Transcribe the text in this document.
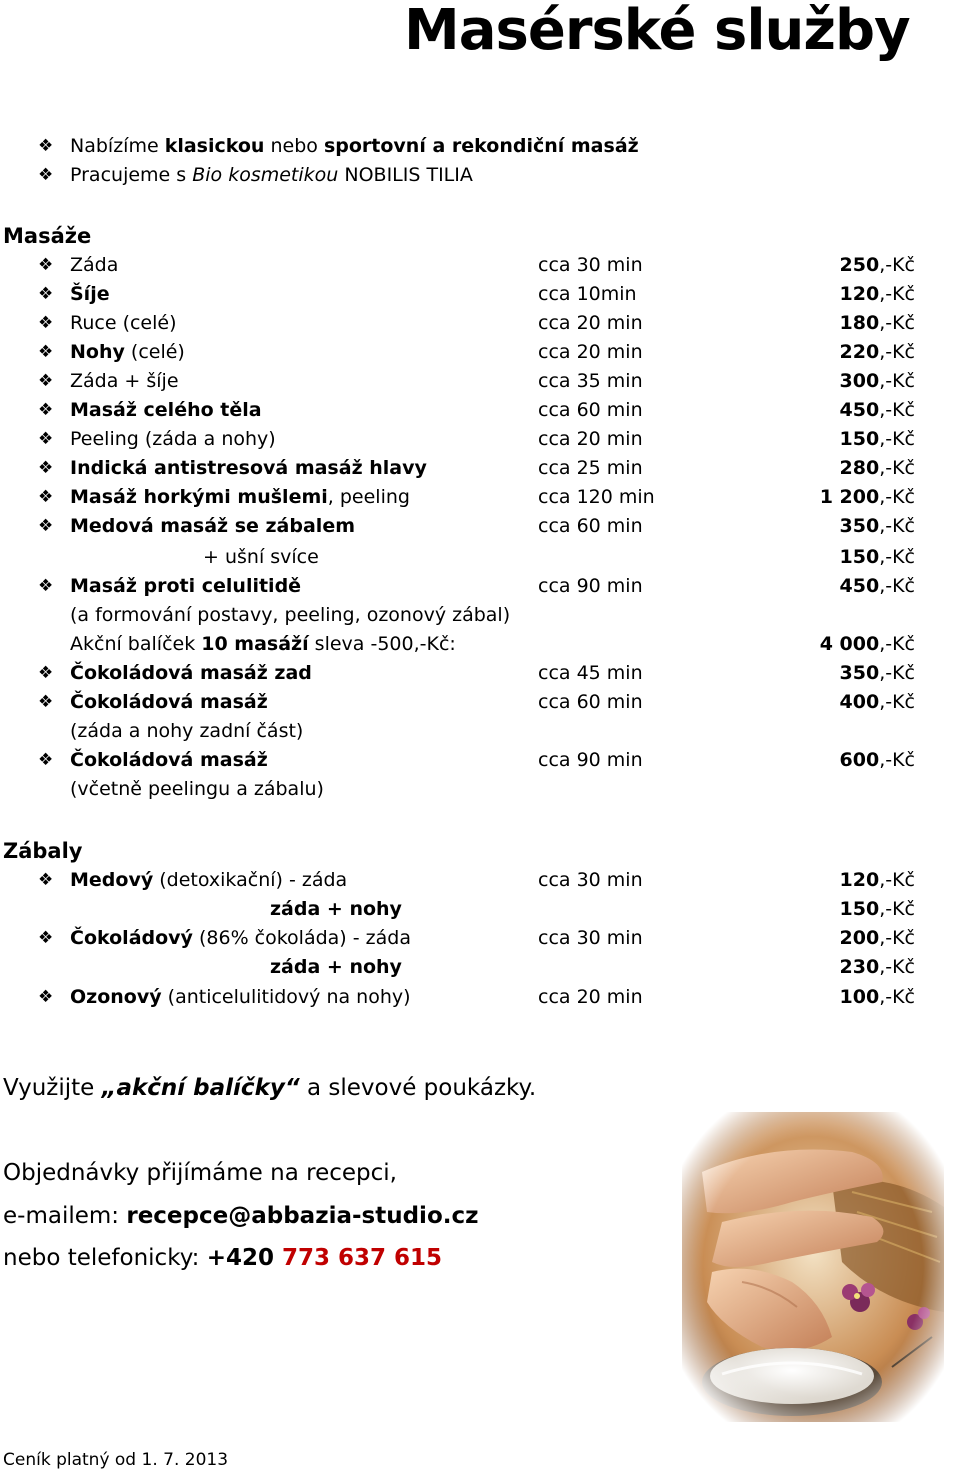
Masérské služby
❖ Nabízíme klasickou nebo sportovní a rekondiční masáž
❖ Pracujeme s Bio kosmetikou NOBILIS TILIA
Masáže
❖ Záda	cca 30 min	250,-Kč
❖ Šíje	cca 10min	120,-Kč
❖ Ruce (celé)	cca 20 min	180,-Kč
❖ Nohy (celé)	cca 20 min	220,-Kč
❖ Záda + šíje	cca 35 min	300,-Kč
❖ Masáž celého těla	cca 60 min	450,-Kč
❖ Peeling (záda a nohy)	cca 20 min	150,-Kč
❖ Indická antistresová masáž hlavy	cca 25 min	280,-Kč
❖ Masáž horkými mušlemi, peeling	cca 120 min	1 200,-Kč
❖ Medová masáž se zábalem	cca 60 min	350,-Kč
+ ušní svíce	150,-Kč
❖ Masáž proti celulitidě	cca 90 min	450,-Kč
(a formování postavy, peeling, ozonový zábal)
Akční balíček 10 masáží sleva -500,-Kč:	4 000,-Kč
❖ Čokoládová masáž zad	cca 45 min	350,-Kč
❖ Čokoládová masáž	cca 60 min	400,-Kč
(záda a nohy zadní část)
❖ Čokoládová masáž	cca 90 min	600,-Kč
(včetně peelingu a zábalu)
Zábaly
❖ Medový (detoxikační) - záda	cca 30 min	120,-Kč
záda + nohy	150,-Kč
❖ Čokoládový (86% čokoláda) - záda	cca 30 min	200,-Kč
záda + nohy	230,-Kč
❖ Ozonový (anticelulitidový na nohy)	cca 20 min	100,-Kč
Využijte „akční balíčky“ a slevové poukázky.
Objednávky přijímáme na recepci,
e-mailem: recepce@abbazia-studio.cz
nebo telefonicky: +420 773 637 615
Ceník platný od 1. 7. 2013
